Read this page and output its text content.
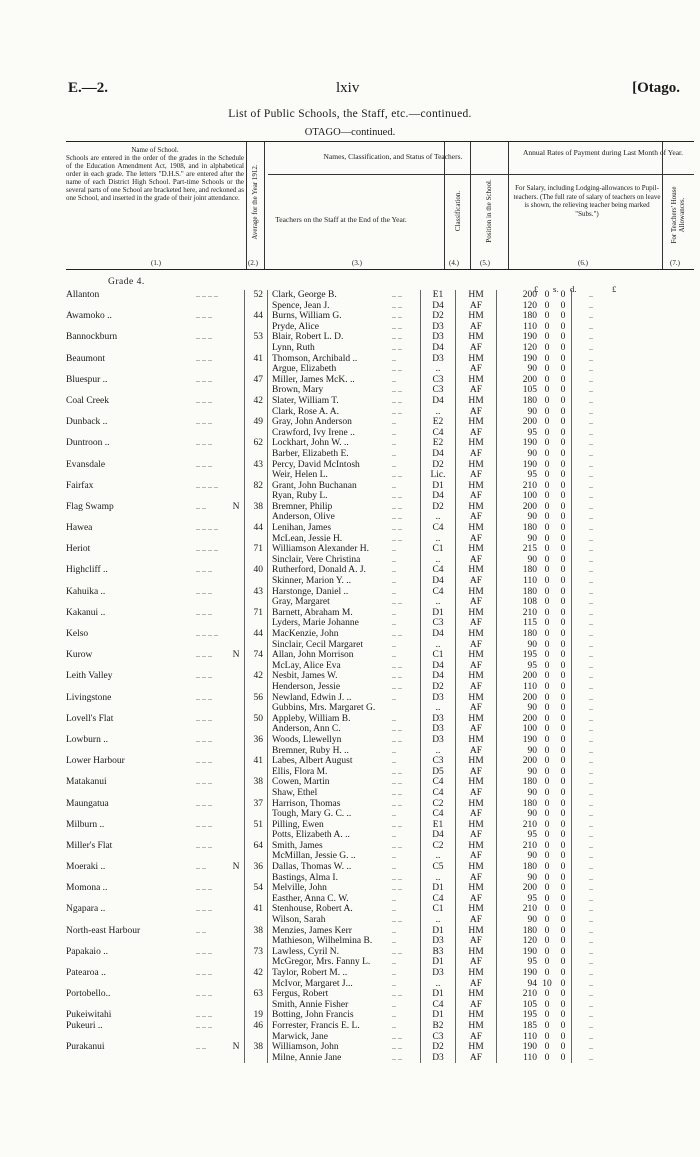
E.—2.	lxiv	[Otago.
List of Public Schools, the Staff, etc.—continued.
OTAGO—continued.
Name of School.
Schools are entered in the order of the grades in the Schedule of the Education Amendment Act, 1908, and in alphabetical order in each grade. The letters "D.H.S." are entered after the name of each District High School. Part-time Schools or the several parts of one School are bracketed here, and reckoned as one School, and inserted in the grade of their joint attendance.
(1.)
Average for the Year 1912.
(2.)
Names, Classification, and Status of Teachers.
Teachers on the Staff at the End of the Year.
(3.)
Classification.
(4.)
Position in the School.
(5.)
Annual Rates of Payment during Last Month of Year.
For Salary, including Lodging-allowances to Pupil-teachers. (The full rate of salary of teachers on leave is shown, the relieving teacher being marked "Subs.")
(6.)
For Teachers' House Allowances.
(7.)
Grade 4.
£ s. d.	£
Allanton	.. .. .. ..		52	Clark, George B.	.. ..	E1	HM	200	0	0	..
				Spence, Jean J.	.. ..	D4	AF	120	0	0	..
Awamoko ..	.. .. ..		44	Burns, William G.	.. ..	D2	HM	180	0	0	..
				Pryde, Alice	.. ..	D3	AF	110	0	0	..
Bannockburn	.. .. ..		53	Blair, Robert L. D.	.. ..	D3	HM	190	0	0	..
				Lynn, Ruth	.. ..	D4	AF	120	0	0	..
Beaumont	.. .. ..		41	Thomson, Archibald ..	..	D3	HM	190	0	0	..
				Argue, Elizabeth	.. ..	..	AF	90	0	0	..
Bluespur ..	.. .. ..		47	Miller, James McK. ..	..	C3	HM	200	0	0	..
				Brown, Mary	.. ..	C3	AF	105	0	0	..
Coal Creek	.. .. ..		42	Slater, William T.	.. ..	D4	HM	180	0	0	..
				Clark, Rose A. A.	.. ..	..	AF	90	0	0	..
Dunback ..	.. .. ..		49	Gray, John Anderson	..	E2	HM	200	0	0	..
				Crawford, Ivy Irene ..	..	C4	AF	95	0	0	..
Duntroon ..	.. .. ..		62	Lockhart, John W. ..	..	E2	HM	190	0	0	..
				Barber, Elizabeth E.	..	D4	AF	90	0	0	..
Evansdale	.. .. ..		43	Percy, David McIntosh	..	D2	HM	190	0	0	..
				Weir, Helen L.	.. ..	Lic.	AF	95	0	0	..
Fairfax	.. .. .. ..		82	Grant, John Buchanan	..	D1	HM	210	0	0	..
				Ryan, Ruby L.	.. ..	D4	AF	100	0	0	..
Flag Swamp	.. ..	N	38	Bremner, Philip	.. ..	D2	HM	200	0	0	..
				Anderson, Olive	.. ..	..	AF	90	0	0	..
Hawea	.. .. .. ..		44	Lenihan, James	.. ..	C4	HM	180	0	0	..
				McLean, Jessie H.	.. ..	..	AF	90	0	0	..
Heriot	.. .. .. ..		71	Williamson Alexander H.	..	C1	HM	215	0	0	..
				Sinclair, Vere Christina	..	..	AF	90	0	0	..
Highcliff ..	.. .. ..		40	Rutherford, Donald A. J.	..	C4	HM	180	0	0	..
				Skinner, Marion Y. ..	..	D4	AF	110	0	0	..
Kahuika ..	.. .. ..		43	Harstonge, Daniel ..	..	C4	HM	180	0	0	..
				Gray, Margaret	.. ..	..	AF	108	0	0	..
Kakanui ..	.. .. ..		71	Barnett, Abraham M.	..	D1	HM	210	0	0	..
				Lyders, Marie Johanne	..	C3	AF	115	0	0	..
Kelso	.. .. .. ..		44	MacKenzie, John	.. ..	D4	HM	180	0	0	..
				Sinclair, Cecil Margaret	..	..	AF	90	0	0	..
Kurow	.. .. ..	N	74	Allan, John Morrison	..	C1	HM	195	0	0	..
				McLay, Alice Eva	.. ..	D4	AF	95	0	0	..
Leith Valley	.. .. ..		42	Nesbit, James W.	.. ..	D4	HM	200	0	0	..
				Henderson, Jessie	.. ..	D2	AF	110	0	0	..
Livingstone	.. .. ..		56	Newland, Edwin J. ..	..	D3	HM	200	0	0	..
				Gubbins, Mrs. Margaret G.		..	AF	90	0	0	..
Lovell's Flat	.. .. ..		50	Appleby, William B.	..	D3	HM	200	0	0	..
				Anderson, Ann C.	.. ..	D3	AF	100	0	0	..
Lowburn ..	.. .. ..		36	Woods, Llewellyn	.. ..	D3	HM	190	0	0	..
				Bremner, Ruby H. ..	..	..	AF	90	0	0	..
Lower Harbour	.. .. ..		41	Labes, Albert August	..	C3	HM	200	0	0	..
				Ellis, Flora M.	.. ..	D5	AF	90	0	0	..
Matakanui	.. .. ..		38	Cowen, Martin	.. ..	C4	HM	180	0	0	..
				Shaw, Ethel	.. ..	C4	AF	90	0	0	..
Maungatua	.. .. ..		37	Harrison, Thomas	.. ..	C2	HM	180	0	0	..
				Tough, Mary G. C. ..	..	C4	AF	90	0	0	..
Milburn ..	.. .. ..		51	Pilling, Ewen	.. ..	E1	HM	210	0	0	..
				Potts, Elizabeth A. ..	..	D4	AF	95	0	0	..
Miller's Flat	.. .. ..		64	Smith, James	.. ..	C2	HM	210	0	0	..
				McMillan, Jessie G. ..	..	..	AF	90	0	0	..
Moeraki ..	.. ..	N	36	Dallas, Thomas W. ..	..	C5	HM	180	0	0	..
				Bastings, Alma I.	.. ..	..	AF	90	0	0	..
Momona ..	.. .. ..		54	Melville, John	.. ..	D1	HM	200	0	0	..
				Easther, Anna C. W.	..	C4	AF	95	0	0	..
Ngapara ..	.. .. ..		41	Stenhouse, Robert A.	..	C1	HM	210	0	0	..
				Wilson, Sarah	.. ..	..	AF	90	0	0	..
North-east Harbour	.. ..		38	Menzies, James Kerr	..	D1	HM	180	0	0	..
				Mathieson, Wilhelmina B.	..	D3	AF	120	0	0	..
Papakaio ..	.. .. ..		73	Lawless, Cyril N.	.. ..	B3	HM	190	0	0	..
				McGregor, Mrs. Fanny L.	..	D1	AF	95	0	0	..
Patearoa ..	.. .. ..		42	Taylor, Robert M. ..	..	D3	HM	190	0	0	..
				McIvor, Margaret J...	..	..	AF	94	10	0	..
Portobello..	.. .. ..		63	Fergus, Robert	.. ..	D1	HM	210	0	0	..
				Smith, Annie Fisher	..	C4	AF	105	0	0	..
Pukeiwitahi	.. .. ..		19	Botting, John Francis	..	D1	HM	195	0	0	..
Pukeuri ..	.. .. ..		46	Forrester, Francis E. L.	..	B2	HM	185	0	0	..
				Marwick, Jane	.. ..	C3	AF	110	0	0	..
Purakanui	.. ..	N	38	Williamson, John	.. ..	D2	HM	190	0	0	..
				Milne, Annie Jane	.. ..	D3	AF	110	0	0	..
